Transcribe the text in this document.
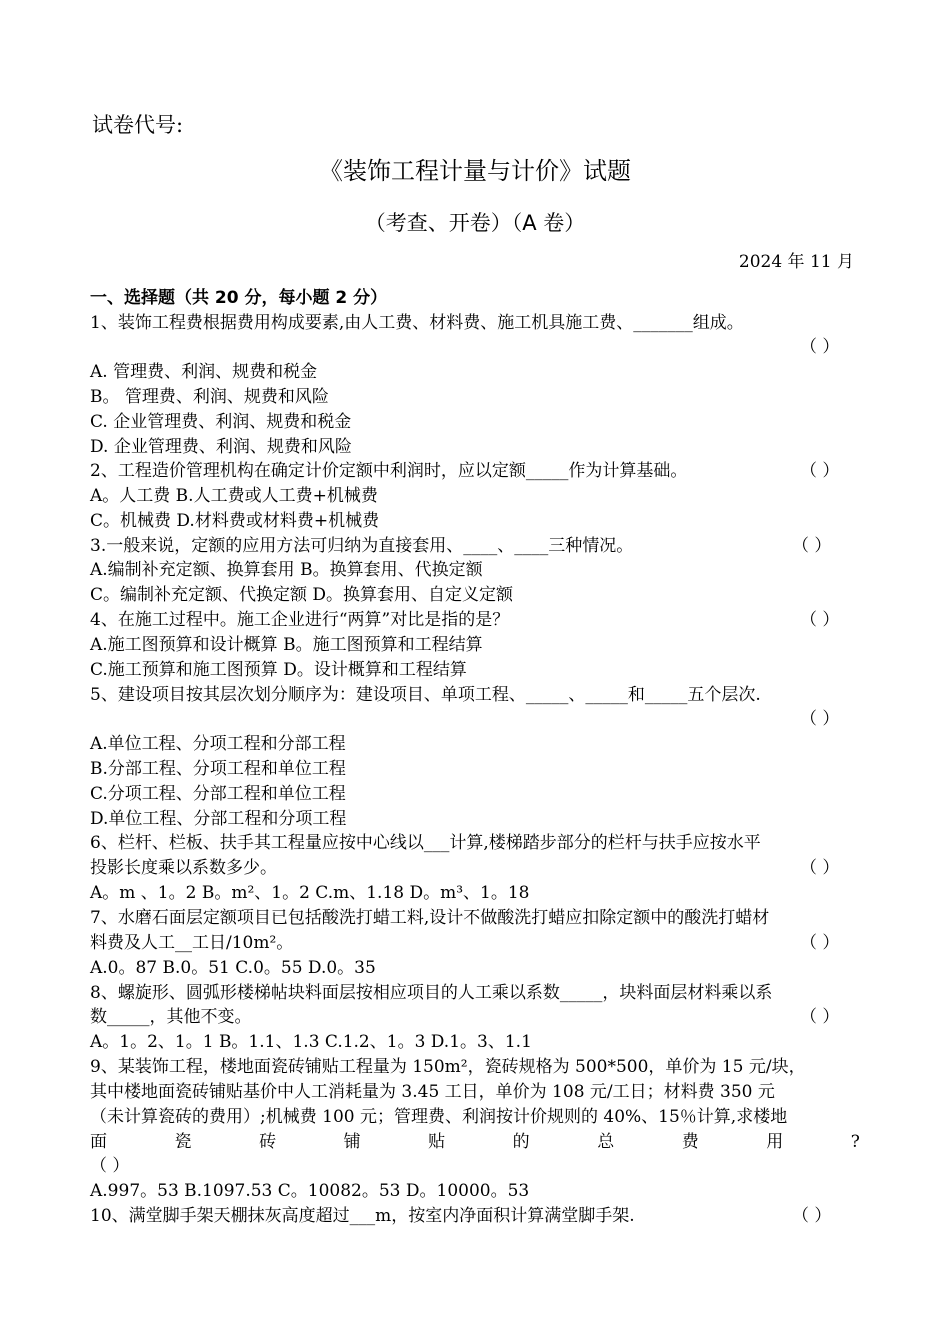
试卷代号:
《装饰工程计量与计价》试题
（考查、开卷）（A 卷）
2024 年 11 月
一、选择题（共 20 分，每小题 2 分）
1、装饰工程费根据费用构成要素,由人工费、材料费、施工机具施工费、_______组成。
（ ）
A. 管理费、利润、规费和税金
B。 管理费、利润、规费和风险
C. 企业管理费、利润、规费和税金
D. 企业管理费、利润、规费和风险
2、工程造价管理机构在确定计价定额中利润时，应以定额_____作为计算基础。	（ ）
A。人工费 B.人工费或人工费+机械费
C。机械费 D.材料费或材料费+机械费
3.一般来说，定额的应用方法可归纳为直接套用、____、____三种情况。	（ ）
A.编制补充定额、换算套用 B。换算套用、代换定额
C。编制补充定额、代换定额 D。换算套用、自定义定额
4、在施工过程中。施工企业进行“两算”对比是指的是？	（ ）
A.施工图预算和设计概算 B。施工图预算和工程结算
C.施工预算和施工图预算 D。设计概算和工程结算
5、建设项目按其层次划分顺序为：建设项目、单项工程、_____、_____和_____五个层次.
（ ）
A.单位工程、分项工程和分部工程
B.分部工程、分项工程和单位工程
C.分项工程、分部工程和单位工程
D.单位工程、分部工程和分项工程
6、栏杆、栏板、扶手其工程量应按中心线以___计算,楼梯踏步部分的栏杆与扶手应按水平
投影长度乘以系数多少。	（ ）
A。m 、1。2 B。m²、1。2 C.m、1.18 D。m³、1。18
7、水磨石面层定额项目已包括酸洗打蜡工料,设计不做酸洗打蜡应扣除定额中的酸洗打蜡材
料费及人工__工日/10m²。	（ ）
A.0。87 B.0。51 C.0。55 D.0。35
8、螺旋形、圆弧形楼梯帖块料面层按相应项目的人工乘以系数_____，块料面层材料乘以系
数_____，其他不变。	（ ）
A。1。2、1。1 B。1.1、1.3 C.1.2、1。3 D.1。3、1.1
9、某装饰工程，楼地面瓷砖铺贴工程量为 150m²，瓷砖规格为 500*500，单价为 15 元/块，
其中楼地面瓷砖铺贴基价中人工消耗量为 3.45 工日，单价为 108 元/工日；材料费 350 元
（未计算瓷砖的费用）;机械费 100 元；管理费、利润按计价规则的 40%、15％计算,求楼地
面	瓷	砖	铺	贴	的	总	费	用	?
（ ）
A.997。53 B.1097.53 C。10082。53 D。10000。53
10、满堂脚手架天棚抹灰高度超过___m，按室内净面积计算满堂脚手架.	（ ）
